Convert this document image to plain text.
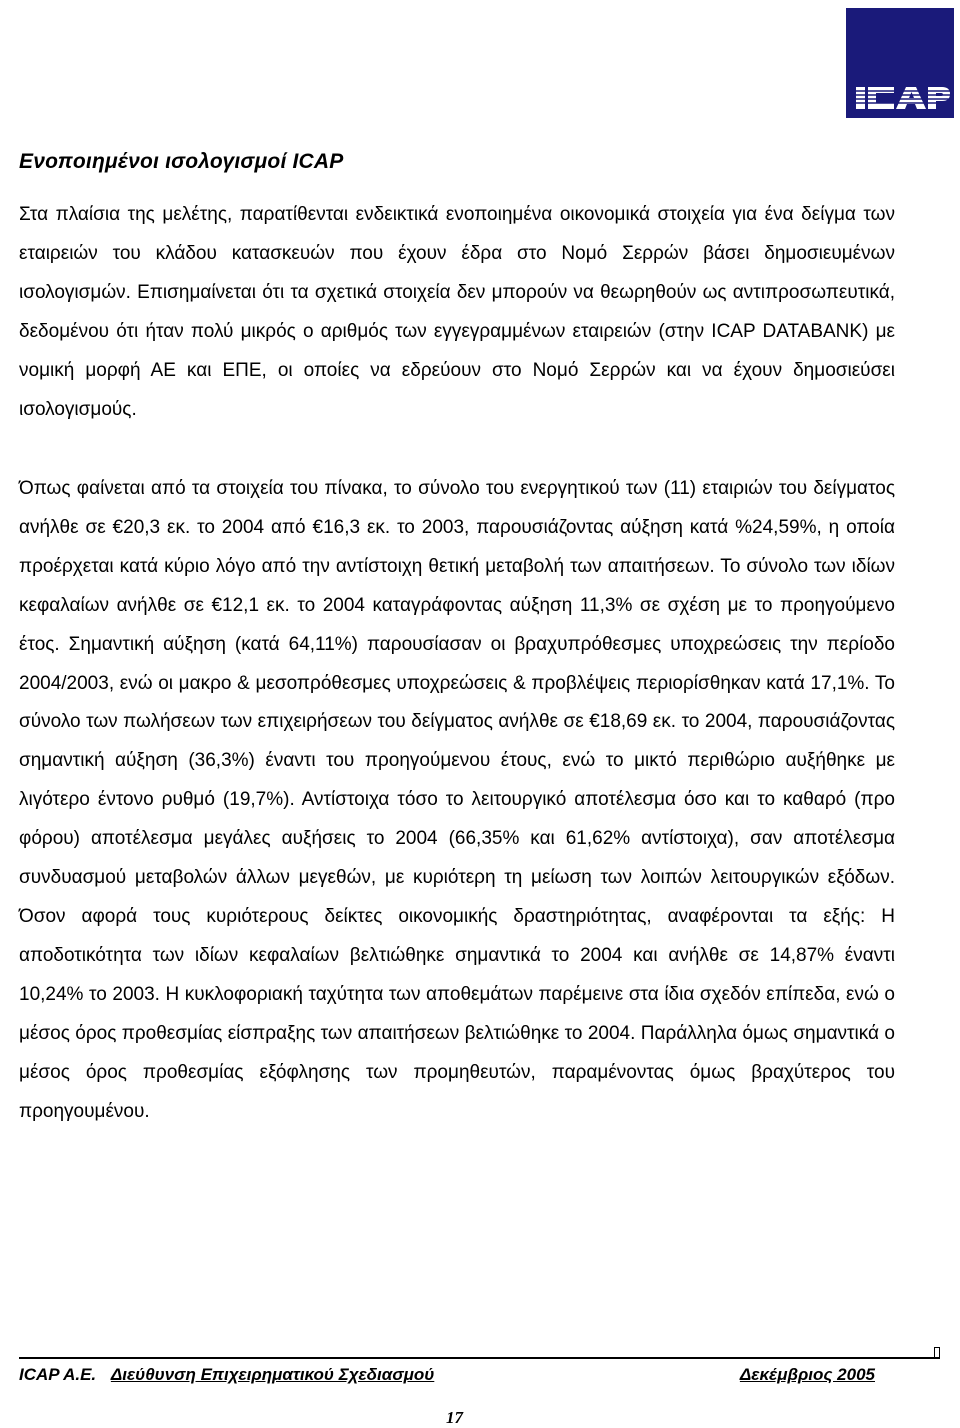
Ενοποιημένοι ισολογισμοί ICAP

Στα πλαίσια της μελέτης, παρατίθενται ενδεικτικά ενοποιημένα οικονομικά στοιχεία για ένα δείγμα των εταιρειών του κλάδου κατασκευών που έχουν έδρα στο Νομό Σερρών βάσει δημοσιευμένων ισολογισμών. Επισημαίνεται ότι τα σχετικά στοιχεία δεν μπορούν να θεωρηθούν ως αντιπροσωπευτικά, δεδομένου ότι ήταν πολύ μικρός ο αριθμός των εγγεγραμμένων εταιρειών (στην ICAP DATABANK) με νομική μορφή ΑΕ και ΕΠΕ, οι οποίες να εδρεύουν στο Νομό Σερρών και να έχουν δημοσιεύσει ισολογισμούς.

Όπως φαίνεται από τα στοιχεία του πίνακα, το σύνολο του ενεργητικού των (11) εταιριών του δείγματος ανήλθε σε €20,3 εκ. το 2004 από €16,3 εκ. το 2003, παρουσιάζοντας αύξηση κατά %24,59%, η οποία προέρχεται κατά κύριο λόγο από την αντίστοιχη θετική μεταβολή των απαιτήσεων. Το σύνολο των ιδίων κεφαλαίων ανήλθε σε €12,1 εκ. το 2004 καταγράφοντας αύξηση 11,3% σε σχέση με το προηγούμενο έτος. Σημαντική αύξηση (κατά 64,11%) παρουσίασαν οι βραχυπρόθεσμες υποχρεώσεις την περίοδο 2004/2003, ενώ οι μακρο & μεσοπρόθεσμες υποχρεώσεις & προβλέψεις περιορίσθηκαν κατά 17,1%. Το σύνολο των πωλήσεων των επιχειρήσεων του δείγματος ανήλθε σε €18,69 εκ. το 2004, παρουσιάζοντας σημαντική αύξηση (36,3%) έναντι του προηγούμενου έτους, ενώ το μικτό περιθώριο αυξήθηκε με λιγότερο έντονο ρυθμό (19,7%). Αντίστοιχα τόσο το λειτουργικό αποτέλεσμα όσο και το καθαρό (προ φόρου) αποτέλεσμα μεγάλες αυξήσεις το 2004 (66,35% και 61,62% αντίστοιχα), σαν αποτέλεσμα συνδυασμού μεταβολών άλλων μεγεθών, με κυριότερη τη μείωση των λοιπών λειτουργικών εξόδων. Όσον αφορά τους κυριότερους δείκτες οικονομικής δραστηριότητας, αναφέρονται τα εξής: Η αποδοτικότητα των ιδίων κεφαλαίων βελτιώθηκε σημαντικά το 2004 και ανήλθε σε 14,87% έναντι 10,24% το 2003. Η κυκλοφοριακή ταχύτητα των αποθεμάτων παρέμεινε στα ίδια σχεδόν επίπεδα, ενώ ο μέσος όρος προθεσμίας είσπραξης των απαιτήσεων βελτιώθηκε το 2004. Παράλληλα όμως σημαντικά ο μέσος όρος προθεσμίας εξόφλησης των προμηθευτών, παραμένοντας όμως βραχύτερος του προηγουμένου.

ICAP A.E. Διεύθυνση Επιχειρηματικού Σχεδιασμού	Δεκέμβριος 2005
17
